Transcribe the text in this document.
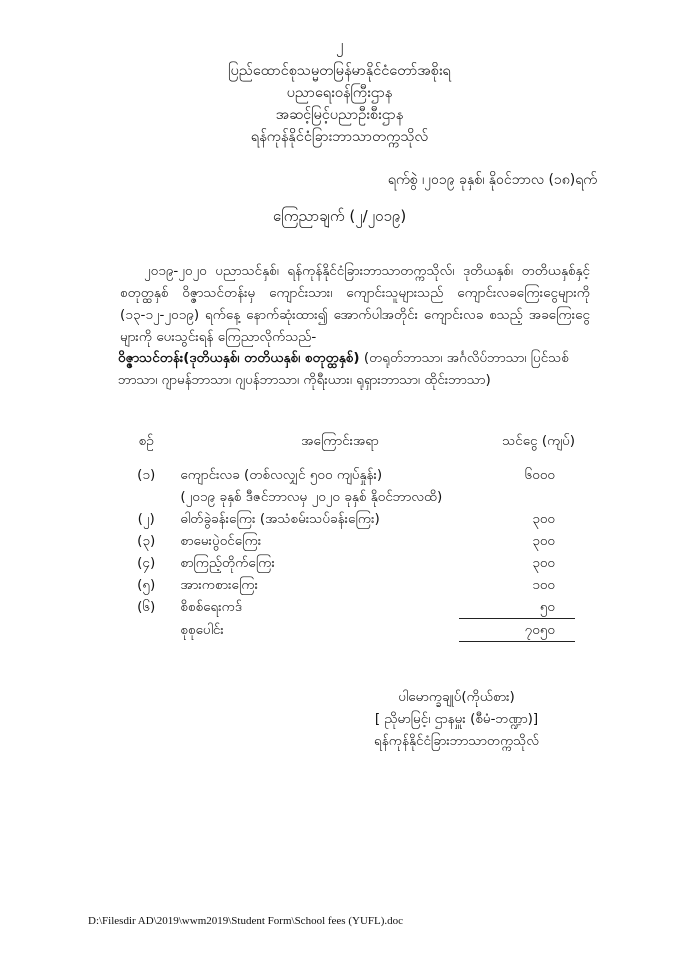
၂
ပြည်ထောင်စုသမ္မတမြန်မာနိုင်ငံတော်အစိုးရ
ပညာရေးဝန်ကြီးဌာန
အဆင့်မြင့်ပညာဦးစီးဌာန
ရန်ကုန်နိုင်ငံခြားဘာသာတက္ကသိုလ်
ရက်စွဲ ၊၂၀၁၉ ခုနှစ်၊ နိုဝင်ဘာလ (၁၈)ရက်
ကြေညာချက် (၂/၂၀၁၉)

၂၀၁၉-၂၀၂၀ ပညာသင်နှစ်၊ ရန်ကုန်နိုင်ငံခြားဘာသာတက္ကသိုလ်၊ ဒုတိယနှစ်၊ တတိယနှစ်နှင့် စတုတ္ထနှစ် ဝိဇ္ဇာသင်တန်းမှ ကျောင်းသား၊ ကျောင်းသူများသည် ကျောင်းလခကြေးငွေများကို (၁၃-၁၂-၂၀၁၉) ရက်နေ့ နောက်ဆုံးထား၍ အောက်ပါအတိုင်း ကျောင်းလခ စသည့် အခကြေးငွေများကို ပေးသွင်းရန် ကြေညာလိုက်သည်-

ဝိဇ္ဇာသင်တန်း(ဒုတိယနှစ်၊ တတိယနှစ်၊ စတုတ္ထနှစ်) (တရုတ်ဘာသာ၊ အင်္ဂလိပ်ဘာသာ၊ ပြင်သစ်ဘာသာ၊ ဂျာမန်ဘာသာ၊ ဂျပန်ဘာသာ၊ ကိုရီးယား၊ ရုရှားဘာသာ၊ ထိုင်းဘာသာ)
စဉ်	အကြောင်းအရာ	သင်ငွေ (ကျပ်)
(၁)	ကျောင်းလခ (တစ်လလျှင် ၅၀၀ ကျပ်နှုန်း)
(၂၀၁၉ ခုနှစ် ဒီဇင်ဘာလမှ ၂၀၂၀ ခုနှစ် နိုဝင်ဘာလထိ)	၆၀၀၀
(၂)	ဓါတ်ခွဲခန်းကြေး (အသံစမ်းသပ်ခန်းကြေး)	၃၀၀
(၃)	စာမေးပွဲဝင်ကြေး	၃၀၀
(၄)	စာကြည့်တိုက်ကြေး	၃၀၀
(၅)	အားကစားကြေး	၁၀၀
(၆)	စိစစ်ရေးကဒ်	၅၀
	စုစုပေါင်း	၇၀၅၀
ပါမောက္ခချုပ်(ကိုယ်စား)
[ ညိုမာမြင့်၊ ဌာနမှူး (စီမံ-ဘဏ္ဍာ)]
ရန်ကုန်နိုင်ငံခြားဘာသာတက္ကသိုလ်
D:\Filesdir AD\2019\wwm2019\Student Form\School fees (YUFL).doc
